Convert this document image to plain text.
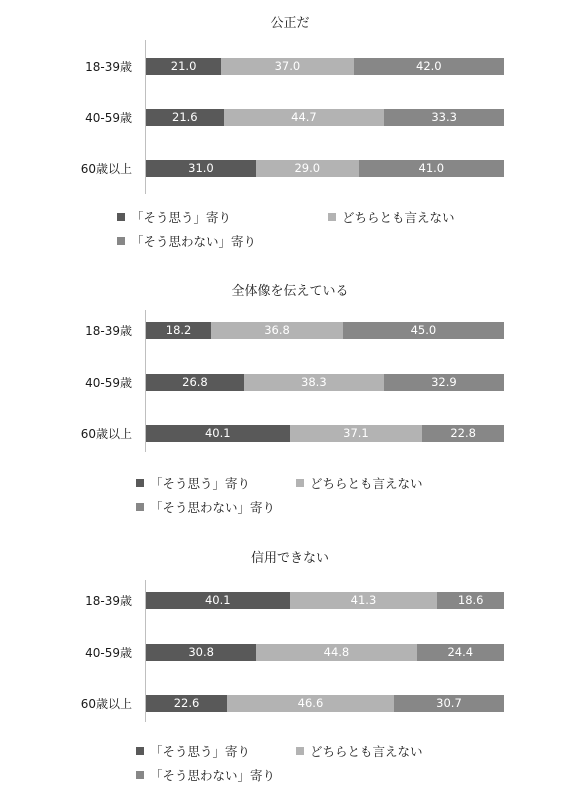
公正だ
18-39歳	21.0	37.0	42.0
40-59歳	21.6	44.7	33.3
60歳以上	31.0	29.0	41.0
「そう思う」寄り	どちらとも言えない
「そう思わない」寄り
全体像を伝えている
18-39歳	18.2	36.8	45.0
40-59歳	26.8	38.3	32.9
60歳以上	40.1	37.1	22.8
「そう思う」寄り	どちらとも言えない
「そう思わない」寄り
信用できない
18-39歳	40.1	41.3	18.6
40-59歳	30.8	44.8	24.4
60歳以上	22.6	46.6	30.7
「そう思う」寄り	どちらとも言えない
「そう思わない」寄り
